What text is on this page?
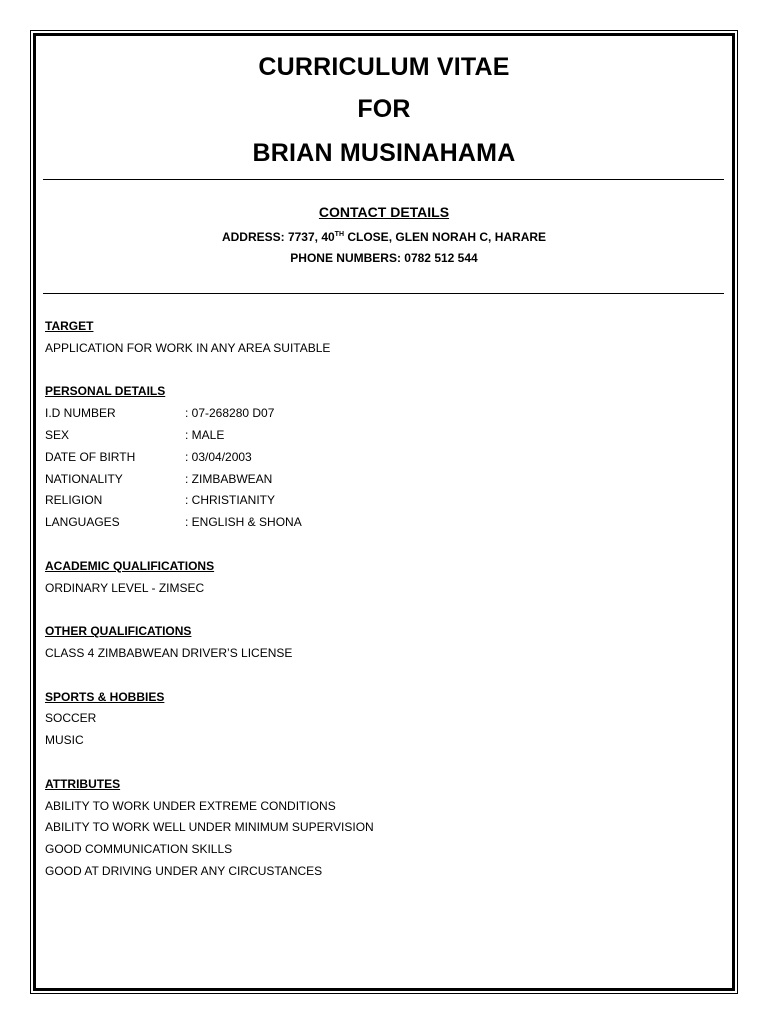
CURRICULUM VITAE
FOR
BRIAN MUSINAHAMA
CONTACT DETAILS
ADDRESS: 7737, 40TH CLOSE, GLEN NORAH C, HARARE
PHONE NUMBERS: 0782 512 544
TARGET
APPLICATION FOR WORK IN ANY AREA SUITABLE
PERSONAL DETAILS
I.D NUMBER	: 07-268280 D07
SEX	: MALE
DATE OF BIRTH	: 03/04/2003
NATIONALITY	: ZIMBABWEAN
RELIGION	: CHRISTIANITY
LANGUAGES	: ENGLISH & SHONA
ACADEMIC QUALIFICATIONS
ORDINARY LEVEL - ZIMSEC
OTHER QUALIFICATIONS
CLASS 4 ZIMBABWEAN DRIVER’S LICENSE
SPORTS & HOBBIES
SOCCER
MUSIC
ATTRIBUTES
ABILITY TO WORK UNDER EXTREME CONDITIONS
ABILITY TO WORK WELL UNDER MINIMUM SUPERVISION
GOOD COMMUNICATION SKILLS
GOOD AT DRIVING UNDER ANY CIRCUSTANCES
